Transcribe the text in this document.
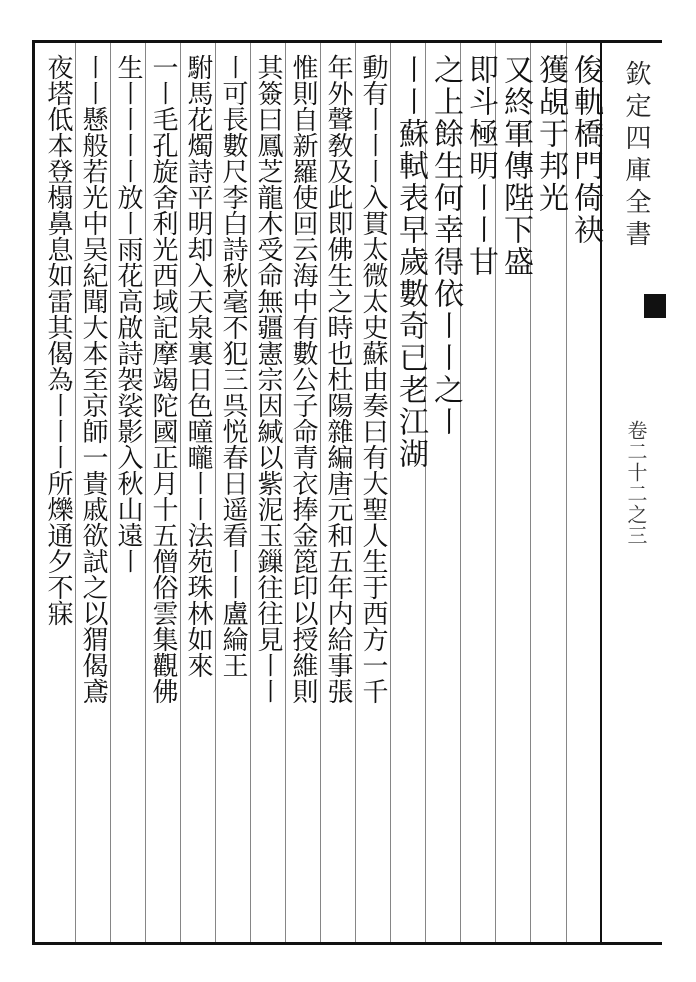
欽定四庫全書
卷二十二之三
俊軌橋門倚袂
獲覘于邦光
又終軍傳陛下盛
即斗極明〡〡甘
之上餘生何幸得依〡〡之〡
〡〡蘇軾表早歲數奇已老江湖
動有〡〡〡入貫太微太史蘇由奏曰有大聖人生于西方一千
年外聲敎及此即佛生之時也杜陽雜編唐元和五年内給事張
惟則自新羅使回云海中有數公子命青衣捧金箆印以授維則
其簽曰鳳芝龍木受命無疆憲宗因緘以紫泥玉鏁往往見〡〡
〡可長數尺李白詩秋毫不犯三呉悦春日遥看〡〡盧綸王
駙馬花燭詩平明却入天泉裏日色曈曨〡〡法苑珠林如來
一〡毛孔旋舍利光西域記摩竭陀國正月十五僧俗雲集觀佛
生〡〡〡〡放〡雨花高啟詩袈裟影入秋山遠〡
〡〡懸般若光中吴紀聞大本至京師一貴戚欲試之以猬偈鳶
夜塔低本登榻鼻息如雷其偈為〡〡〡所爍通夕不寐
